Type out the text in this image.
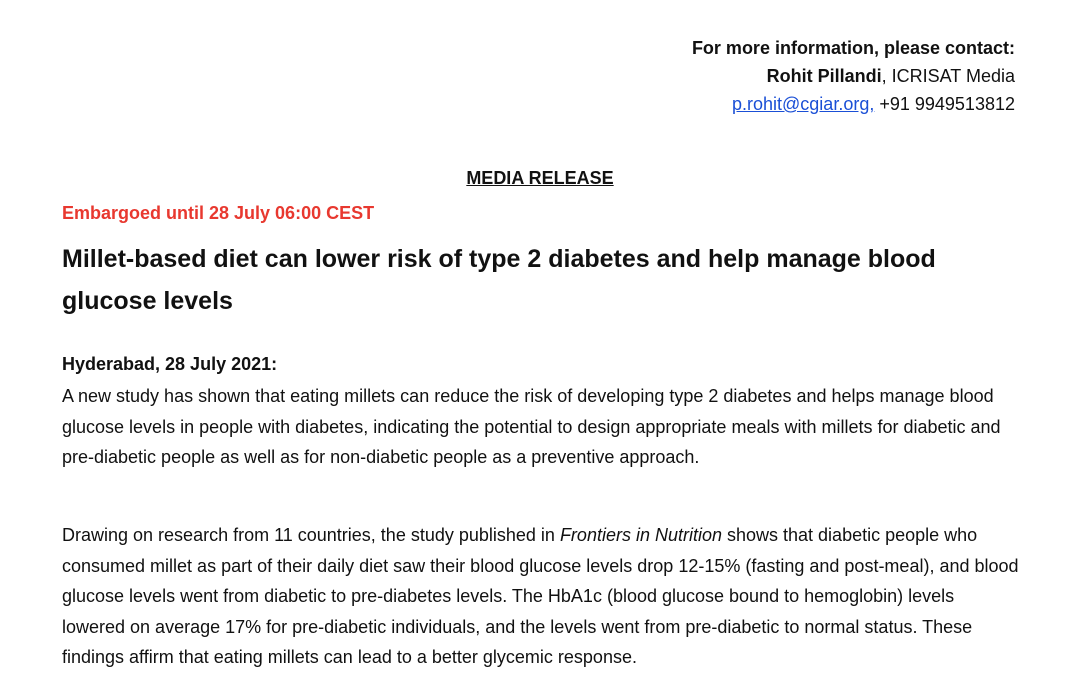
For more information, please contact:
Rohit Pillandi, ICRISAT Media
p.rohit@cgiar.org, +91 9949513812
MEDIA RELEASE
Embargoed until 28 July 06:00 CEST
Millet-based diet can lower risk of type 2 diabetes and help manage blood glucose levels
Hyderabad, 28 July 2021:
A new study has shown that eating millets can reduce the risk of developing type 2 diabetes and helps manage blood glucose levels in people with diabetes, indicating the potential to design appropriate meals with millets for diabetic and pre-diabetic people as well as for non-diabetic people as a preventive approach.
Drawing on research from 11 countries, the study published in Frontiers in Nutrition shows that diabetic people who consumed millet as part of their daily diet saw their blood glucose levels drop 12-15% (fasting and post-meal), and blood glucose levels went from diabetic to pre-diabetes levels. The HbA1c (blood glucose bound to hemoglobin) levels lowered on average 17% for pre-diabetic individuals, and the levels went from pre-diabetic to normal status. These findings affirm that eating millets can lead to a better glycemic response.
